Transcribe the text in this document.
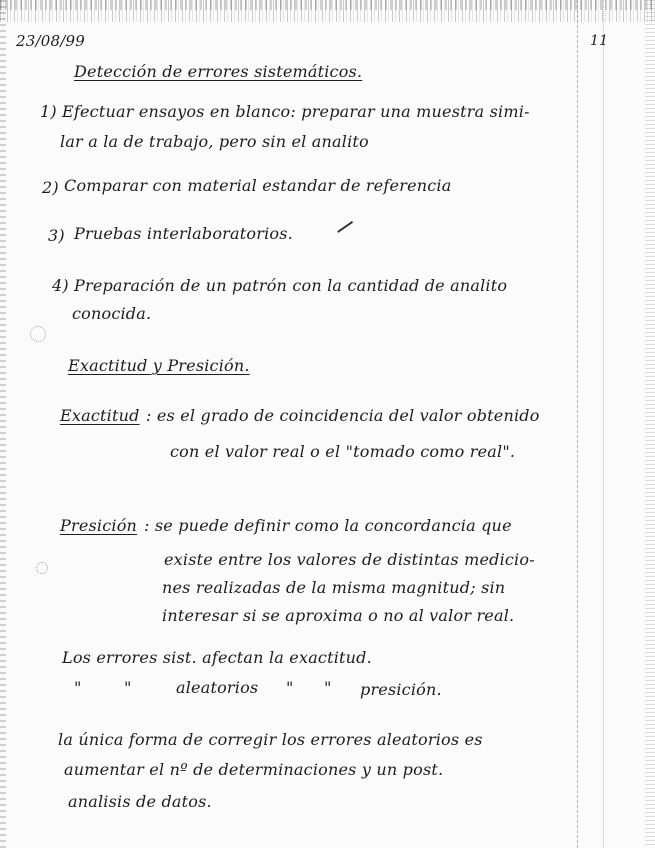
23/08/99	11
Detección de errores sistemáticos.
1) Efectuar ensayos en blanco: preparar una muestra simi-
lar a la de trabajo, pero sin el analito
2) Comparar con material estandar de referencia
3) Pruebas interlaboratorios.
4) Preparación de un patrón con la cantidad de analito
conocida.
Exactitud y Presición.
Exactitud : es el grado de coincidencia del valor obtenido
con el valor real o el "tomado como real".
Presición : se puede definir como la concordancia que
existe entre los valores de distintas medicio-
nes realizadas de la misma magnitud; sin
interesar si se aproxima o no al valor real.
Los errores sist. afectan la exactitud.
"	"	aleatorios " " presición.
la única forma de corregir los errores aleatorios es
aumentar el nº de determinaciones y un post.
analisis de datos.
